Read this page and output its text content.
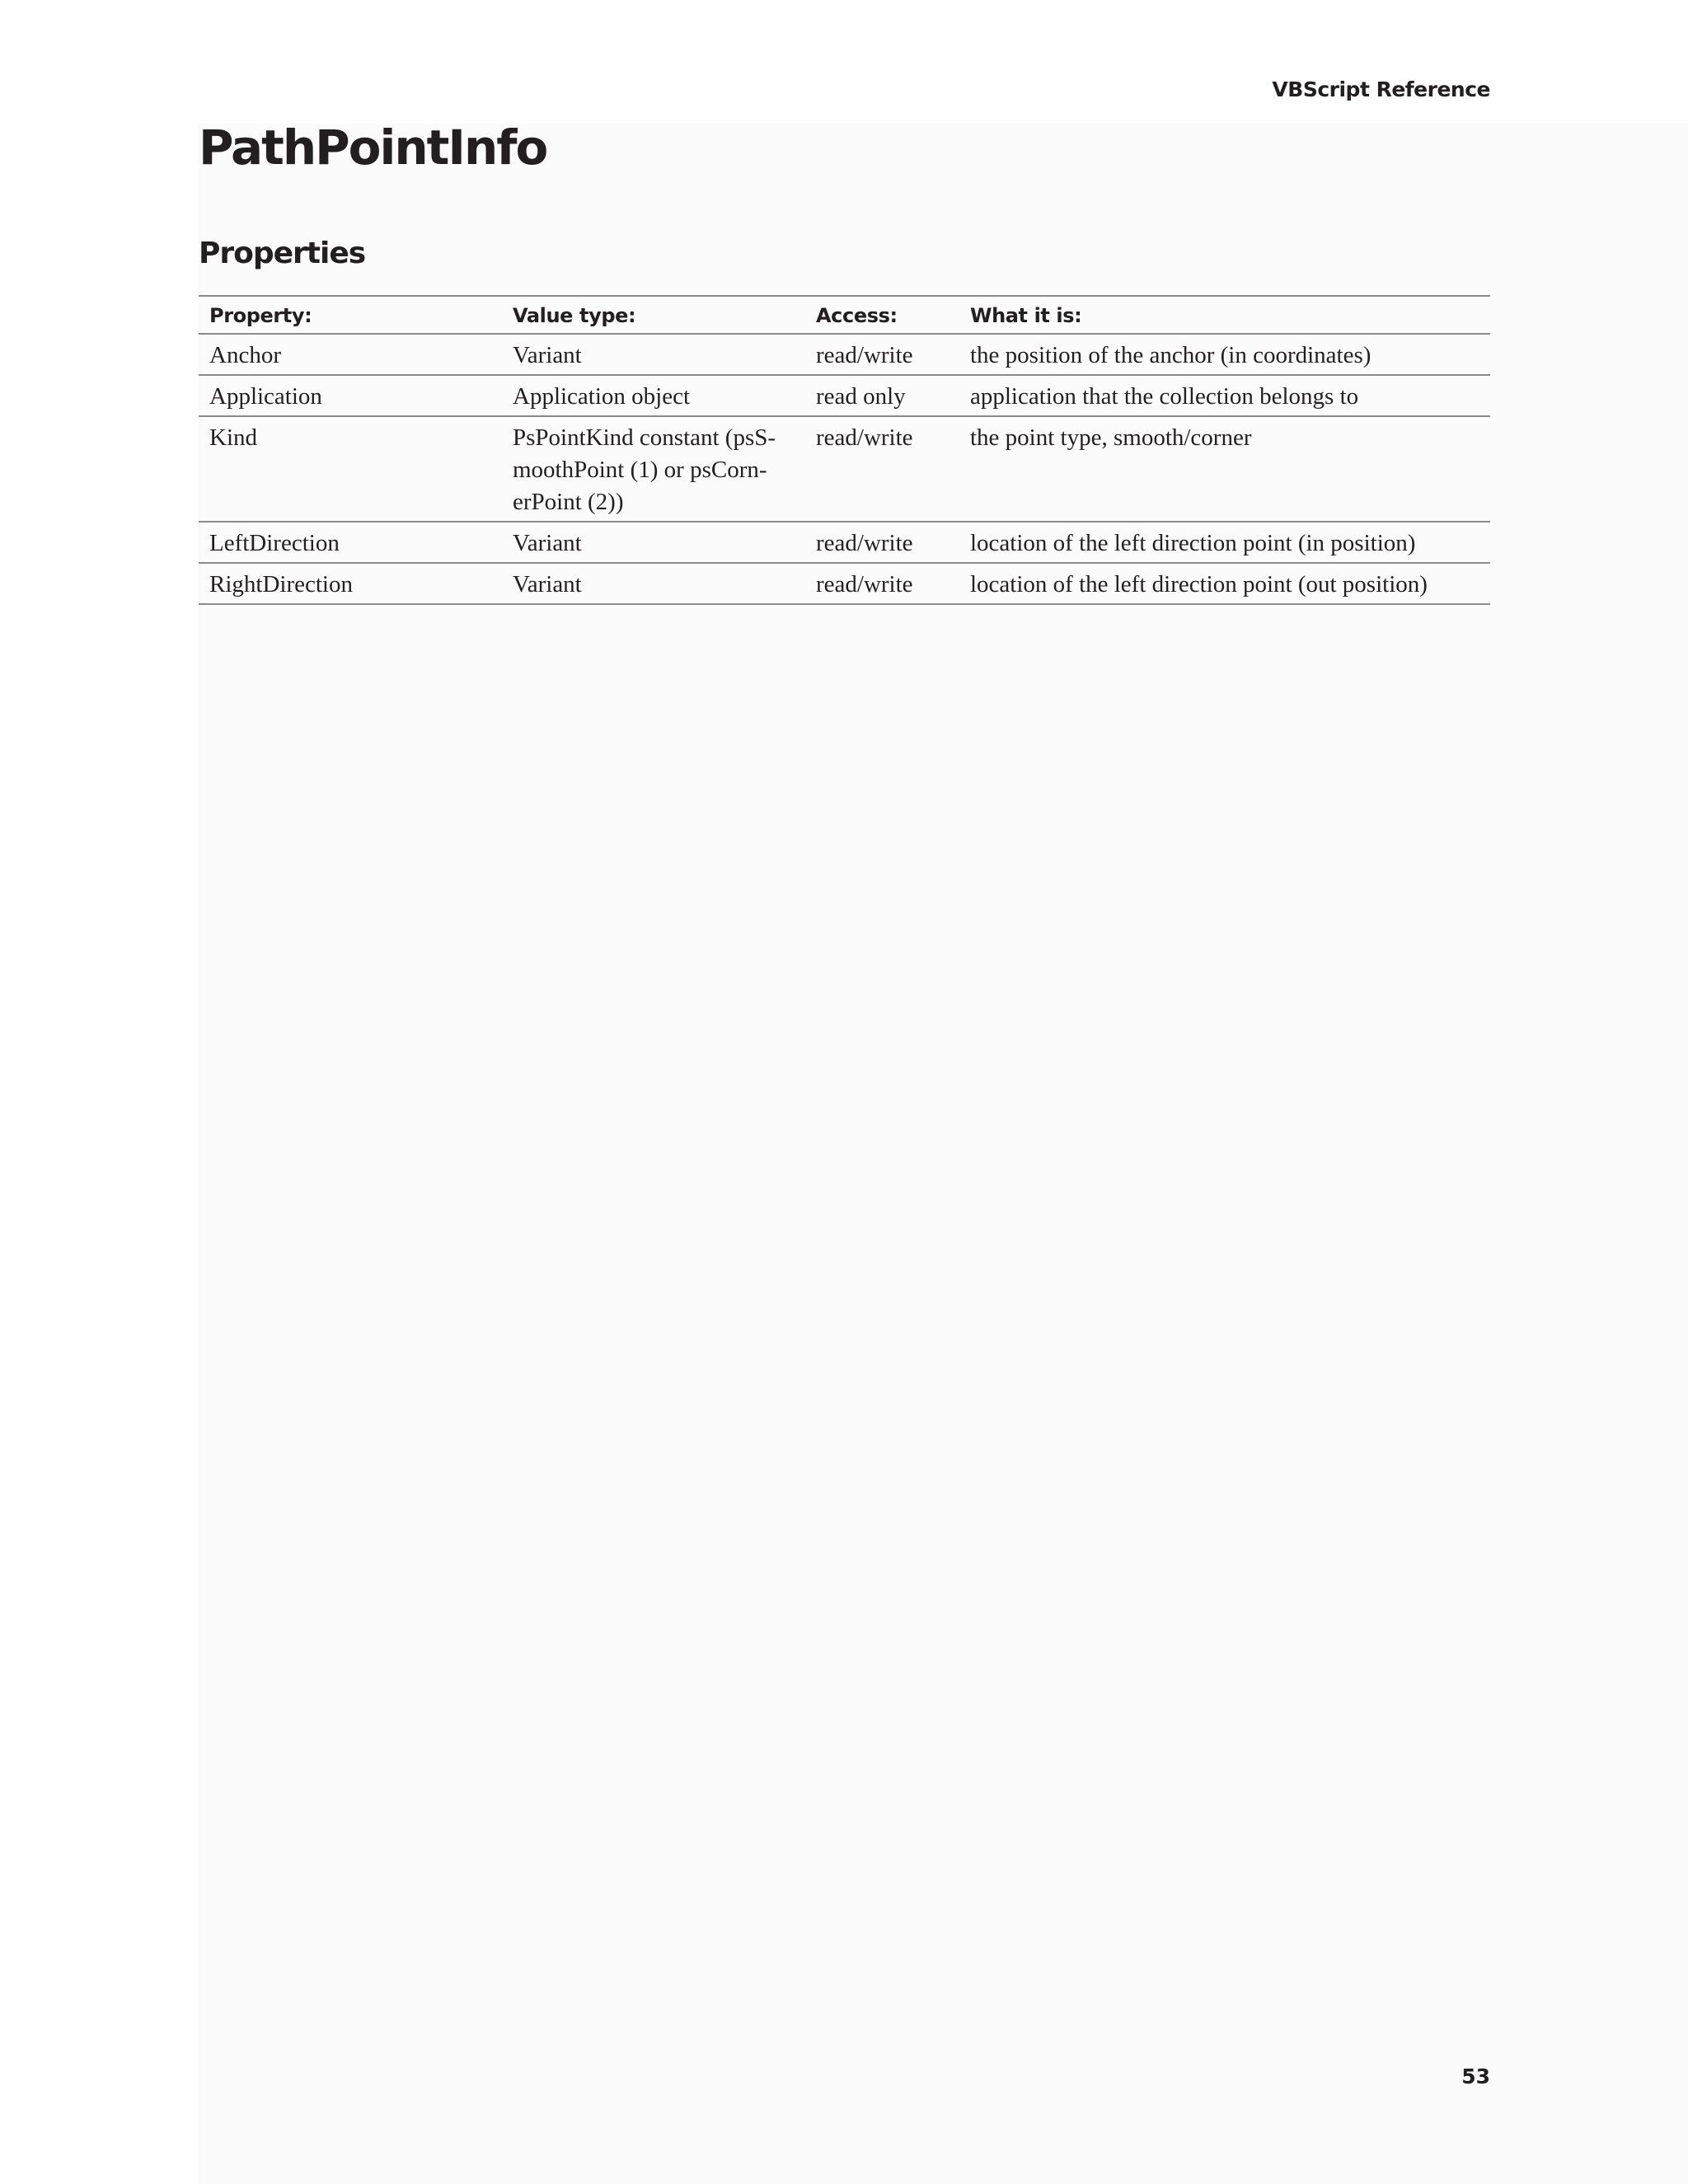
VBScript Reference
PathPointInfo
Properties
Property:	Value type:	Access:	What it is:
Anchor	Variant	read/write	the position of the anchor (in coordinates)
Application	Application object	read only	application that the collection belongs to
Kind	PsPointKind constant (psSmoothPoint (1) or psCornerPoint (2))	read/write	the point type, smooth/corner
LeftDirection	Variant	read/write	location of the left direction point (in position)
RightDirection	Variant	read/write	location of the left direction point (out position)
53
